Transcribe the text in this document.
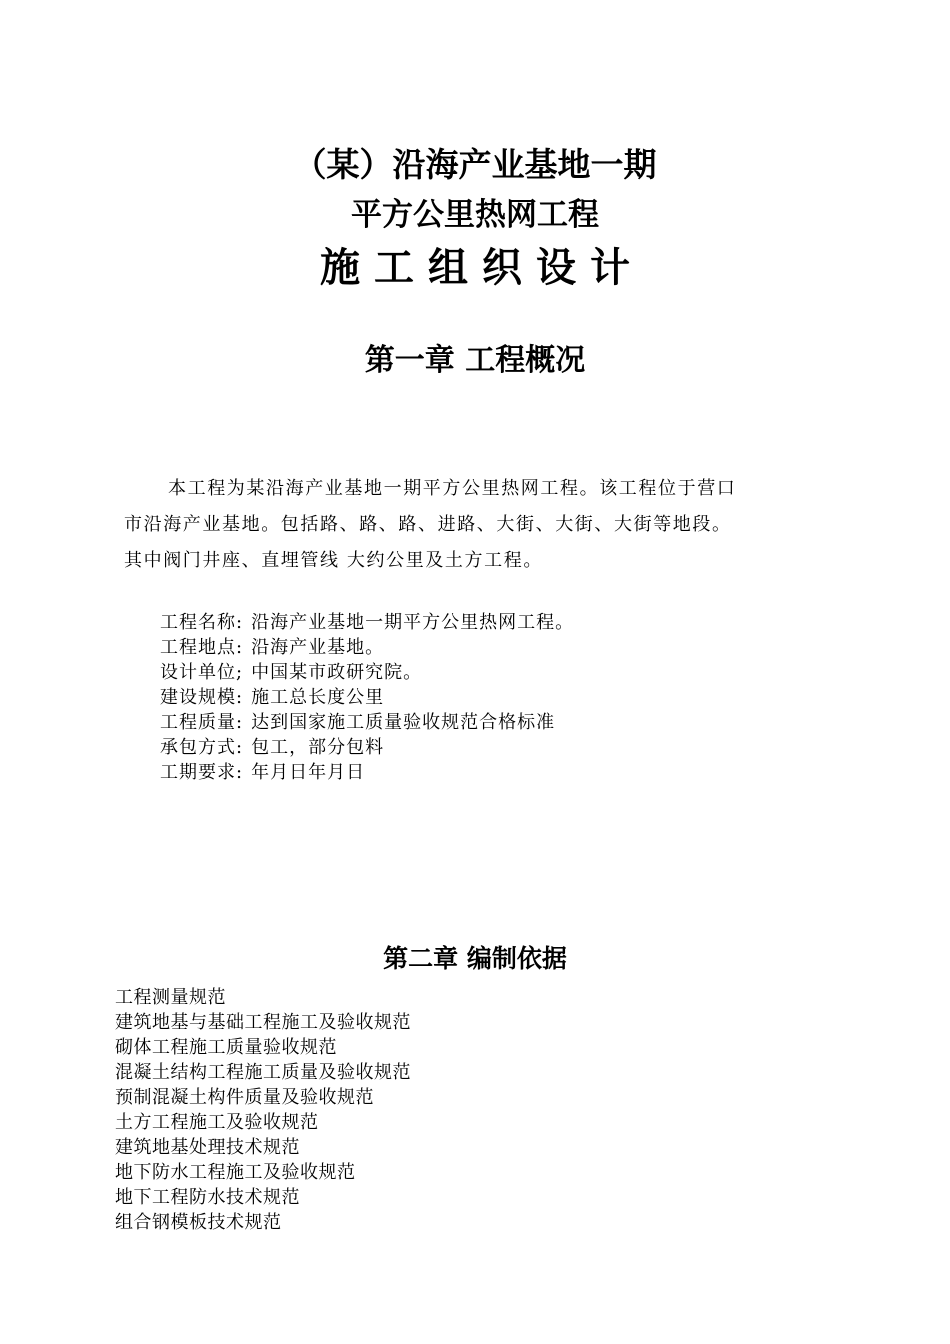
（某）沿海产业基地一期
平方公里热网工程
施工组织设计
第一章 工程概况
本工程为某沿海产业基地一期平方公里热网工程。该工程位于营口
市沿海产业基地。包括路、路、路、进路、大街、大街、大街等地段。
其中阀门井座、直埋管线 大约公里及土方工程。
工程名称: 沿海产业基地一期平方公里热网工程。
工程地点: 沿海产业基地。
设计单位; 中国某市政研究院。
建设规模: 施工总长度公里
工程质量: 达到国家施工质量验收规范合格标准
承包方式: 包工，部分包料
工期要求: 年月日年月日
第二章 编制依据
工程测量规范
建筑地基与基础工程施工及验收规范
砌体工程施工质量验收规范
混凝土结构工程施工质量及验收规范
预制混凝土构件质量及验收规范
土方工程施工及验收规范
建筑地基处理技术规范
地下防水工程施工及验收规范
地下工程防水技术规范
组合钢模板技术规范
